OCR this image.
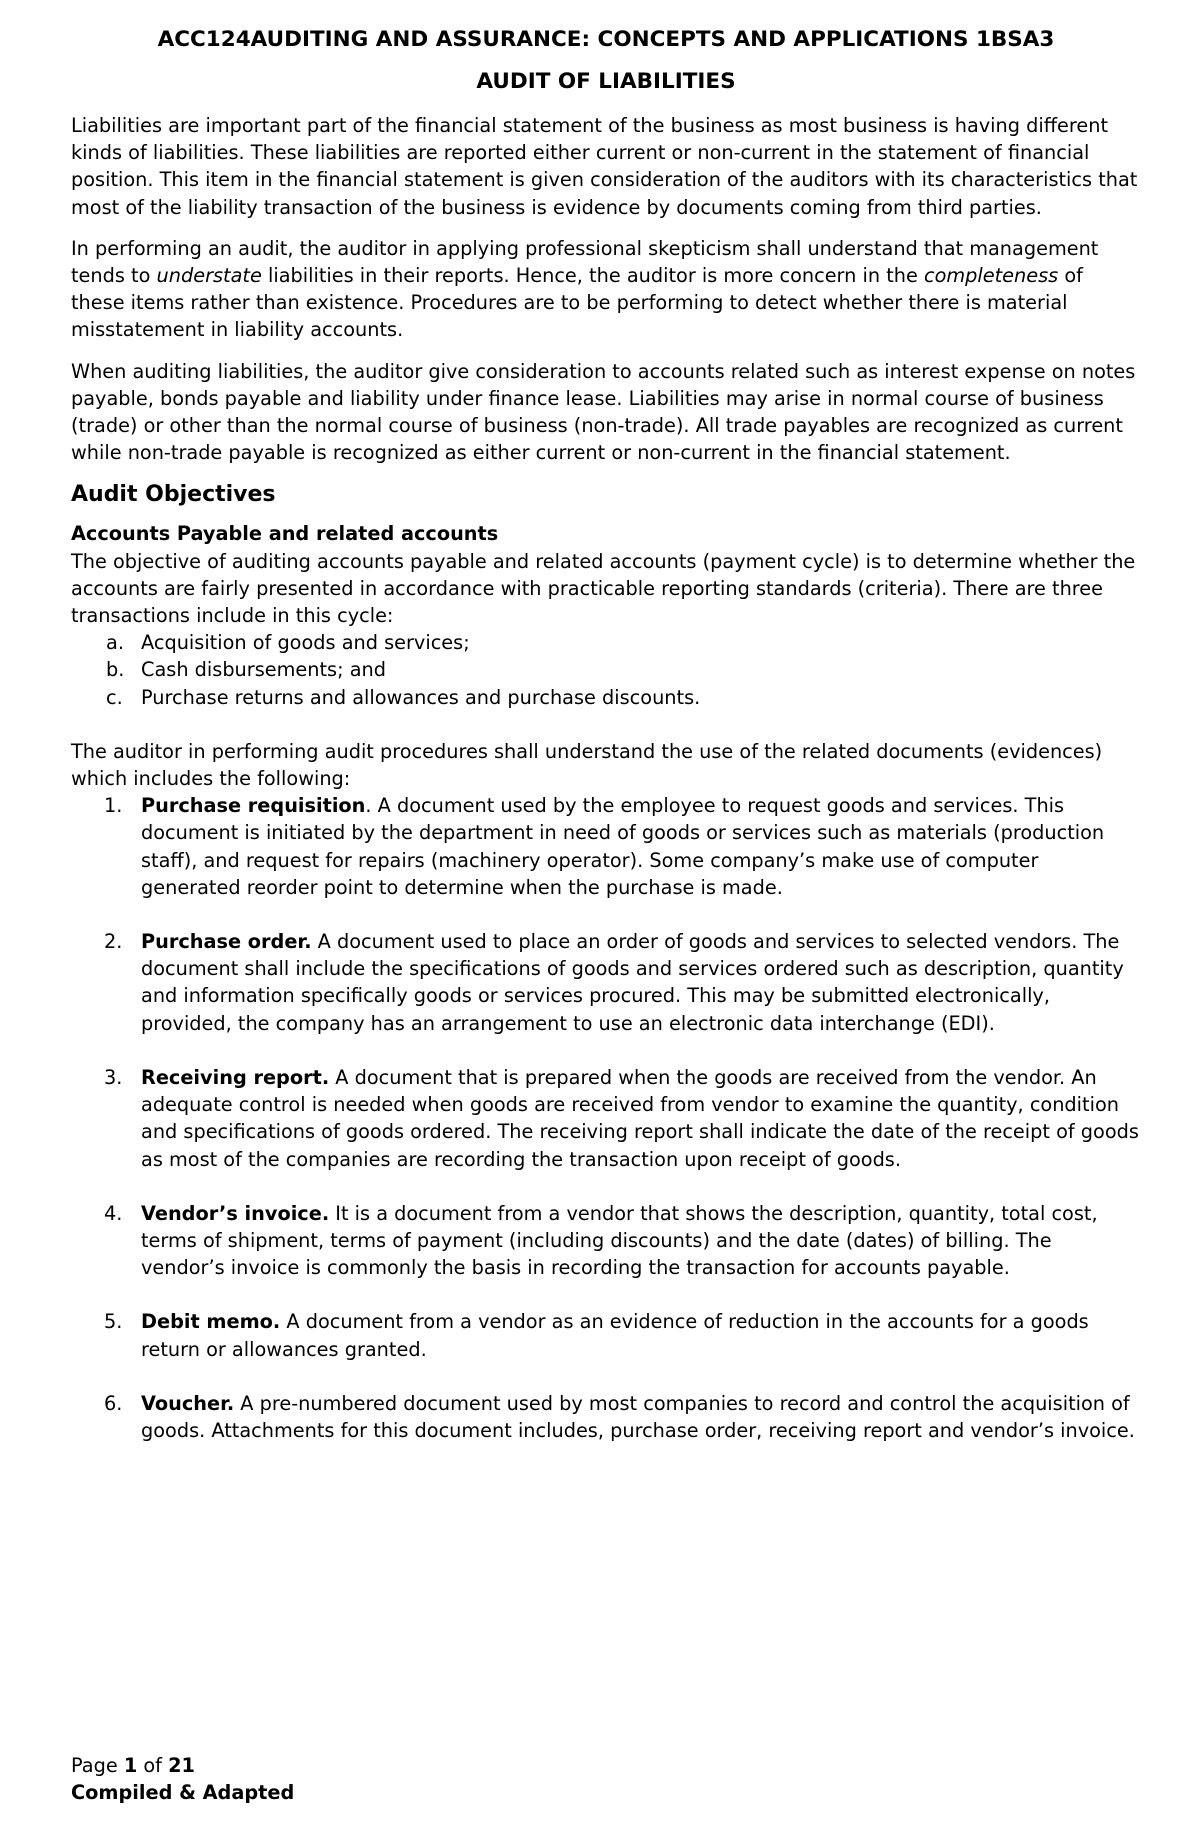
ACC124AUDITING AND ASSURANCE: CONCEPTS AND APPLICATIONS 1BSA3
AUDIT OF LIABILITIES

Liabilities are important part of the financial statement of the business as most business is having different kinds of liabilities. These liabilities are reported either current or non-current in the statement of financial position. This item in the financial statement is given consideration of the auditors with its characteristics that most of the liability transaction of the business is evidence by documents coming from third parties.

In performing an audit, the auditor in applying professional skepticism shall understand that management tends to understate liabilities in their reports. Hence, the auditor is more concern in the completeness of these items rather than existence. Procedures are to be performing to detect whether there is material misstatement in liability accounts.

When auditing liabilities, the auditor give consideration to accounts related such as interest expense on notes payable, bonds payable and liability under finance lease. Liabilities may arise in normal course of business (trade) or other than the normal course of business (non-trade). All trade payables are recognized as current while non-trade payable is recognized as either current or non-current in the financial statement.

Audit Objectives
Accounts Payable and related accounts

The objective of auditing accounts payable and related accounts (payment cycle) is to determine whether the accounts are fairly presented in accordance with practicable reporting standards (criteria). There are three transactions include in this cycle:

a. Acquisition of goods and services;
b. Cash disbursements; and
c. Purchase returns and allowances and purchase discounts.

The auditor in performing audit procedures shall understand the use of the related documents (evidences) which includes the following:

1. Purchase requisition. A document used by the employee to request goods and services. This document is initiated by the department in need of goods or services such as materials (production staff), and request for repairs (machinery operator). Some company’s make use of computer generated reorder point to determine when the purchase is made.
2. Purchase order. A document used to place an order of goods and services to selected vendors. The document shall include the specifications of goods and services ordered such as description, quantity and information specifically goods or services procured. This may be submitted electronically, provided, the company has an arrangement to use an electronic data interchange (EDI).
3. Receiving report. A document that is prepared when the goods are received from the vendor. An adequate control is needed when goods are received from vendor to examine the quantity, condition and specifications of goods ordered. The receiving report shall indicate the date of the receipt of goods as most of the companies are recording the transaction upon receipt of goods.
4. Vendor’s invoice. It is a document from a vendor that shows the description, quantity, total cost, terms of shipment, terms of payment (including discounts) and the date (dates) of billing. The vendor’s invoice is commonly the basis in recording the transaction for accounts payable.
5. Debit memo. A document from a vendor as an evidence of reduction in the accounts for a goods return or allowances granted.
6. Voucher. A pre-numbered document used by most companies to record and control the acquisition of goods. Attachments for this document includes, purchase order, receiving report and vendor’s invoice.

Page 1 of 21

Compiled & Adapted
